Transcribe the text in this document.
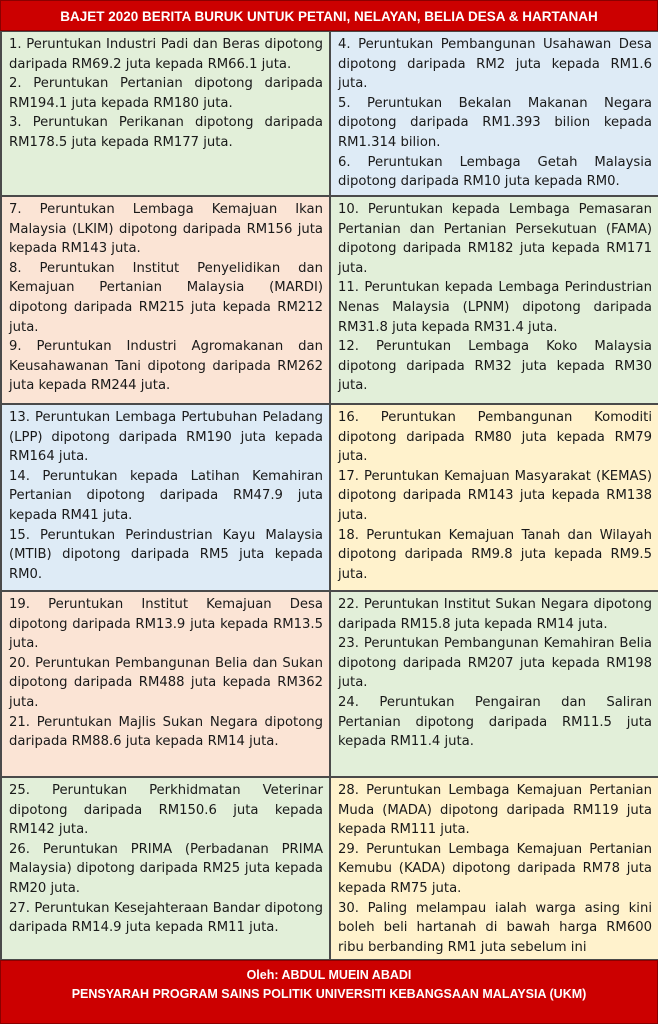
BAJET 2020 BERITA BURUK UNTUK PETANI, NELAYAN, BELIA DESA & HARTANAH

1. Peruntukan Industri Padi dan Beras dipotong daripada RM69.2 juta kepada RM66.1 juta.

2. Peruntukan Pertanian dipotong daripada RM194.1 juta kepada RM180 juta.

3. Peruntukan Perikanan dipotong daripada RM178.5 juta kepada RM177 juta.

4. Peruntukan Pembangunan Usahawan Desa dipotong daripada RM2 juta kepada RM1.6 juta.

5. Peruntukan Bekalan Makanan Negara dipotong daripada RM1.393 bilion kepada RM1.314 bilion.

6. Peruntukan Lembaga Getah Malaysia dipotong daripada RM10 juta kepada RM0.

7. Peruntukan Lembaga Kemajuan Ikan Malaysia (LKIM) dipotong daripada RM156 juta kepada RM143 juta.

8. Peruntukan Institut Penyelidikan dan Kemajuan Pertanian Malaysia (MARDI) dipotong daripada RM215 juta kepada RM212 juta.

9. Peruntukan Industri Agromakanan dan Keusahawanan Tani dipotong daripada RM262 juta kepada RM244 juta.

10. Peruntukan kepada Lembaga Pemasaran Pertanian dan Pertanian Persekutuan (FAMA) dipotong daripada RM182 juta kepada RM171 juta.

11. Peruntukan kepada Lembaga Perindustrian Nenas Malaysia (LPNM) dipotong daripada RM31.8 juta kepada RM31.4 juta.

12. Peruntukan Lembaga Koko Malaysia dipotong daripada RM32 juta kepada RM30 juta.

13. Peruntukan Lembaga Pertubuhan Peladang (LPP) dipotong daripada RM190 juta kepada RM164 juta.

14. Peruntukan kepada Latihan Kemahiran Pertanian dipotong daripada RM47.9 juta kepada RM41 juta.

15. Peruntukan Perindustrian Kayu Malaysia (MTIB) dipotong daripada RM5 juta kepada RM0.

16. Peruntukan Pembangunan Komoditi dipotong daripada RM80 juta kepada RM79 juta.

17. Peruntukan Kemajuan Masyarakat (KEMAS) dipotong daripada RM143 juta kepada RM138 juta.

18. Peruntukan Kemajuan Tanah dan Wilayah dipotong daripada RM9.8 juta kepada RM9.5 juta.

19. Peruntukan Institut Kemajuan Desa dipotong daripada RM13.9 juta kepada RM13.5 juta.

20. Peruntukan Pembangunan Belia dan Sukan dipotong daripada RM488 juta kepada RM362 juta.

21. Peruntukan Majlis Sukan Negara dipotong daripada RM88.6 juta kepada RM14 juta.

22. Peruntukan Institut Sukan Negara dipotong daripada RM15.8 juta kepada RM14 juta.

23. Peruntukan Pembangunan Kemahiran Belia dipotong daripada RM207 juta kepada RM198 juta.

24. Peruntukan Pengairan dan Saliran Pertanian dipotong daripada RM11.5 juta kepada RM11.4 juta.

25. Peruntukan Perkhidmatan Veterinar dipotong daripada RM150.6 juta kepada RM142 juta.

26. Peruntukan PRIMA (Perbadanan PRIMA Malaysia) dipotong daripada RM25 juta kepada RM20 juta.

27. Peruntukan Kesejahteraan Bandar dipotong daripada RM14.9 juta kepada RM11 juta.

28. Peruntukan Lembaga Kemajuan Pertanian Muda (MADA) dipotong daripada RM119 juta kepada RM111 juta.

29. Peruntukan Lembaga Kemajuan Pertanian Kemubu (KADA) dipotong daripada RM78 juta kepada RM75 juta.

30. Paling melampau ialah warga asing kini boleh beli hartanah di bawah harga RM600 ribu berbanding RM1 juta sebelum ini

Oleh: ABDUL MUEIN ABADI
PENSYARAH PROGRAM SAINS POLITIK UNIVERSITI KEBANGSAAN MALAYSIA (UKM)
